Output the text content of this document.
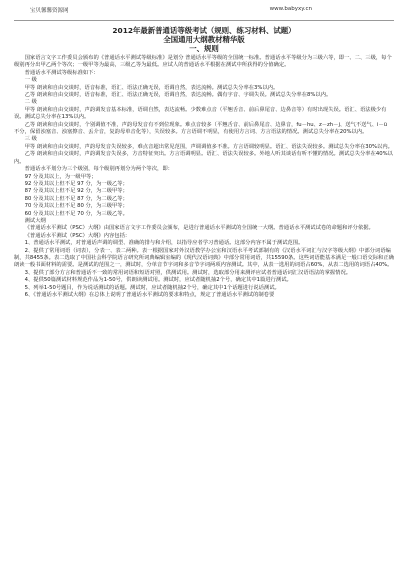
宝贝馨馨资源网	www.babyxy.cn
2012年最新普通话等级考试（规则、练习材料、试题）
全国通用大纲教材精华版
一、规则

国家语言文字工作委员会颁布的《普通话水平测试等级标准》是划分 普通话水平等级的全国统一标准。普通话水平等级分为三级六等，即一、二、三级，每个级别再分出甲乙两个等次；一级甲等为最高，三级乙等为最低。应试人的普通话水平根据在测试中所获得的分值确定。

普通话水平测试等级标准如下：

一 级

甲等 朗读和自由交谈时，语音标准，语汇、语法正确无误，语调自然，表达流畅。测试总失分率在3%以内。

乙等 朗读和自由交谈时，语音标准，语汇、语法正确无误，语调自然，表达流畅。偶有字音、字调失误。测试总失分率在8%以内。

二 级

甲等 朗读和自由交谈时，声韵调发音基本标准，语调自然，表达流畅。少数难点音（平翘舌音、前后鼻尾音、边鼻音等）有时出现失误。语汇、语法极少有误。测试总失分率在13%以内。

乙等 朗读和自由交谈时，个别调值不准，声韵母发音有不到位现象。难点音较多（平翘舌音、前后鼻尾音、边鼻音，fu－hu、z－zh－j、送气不送气、i－ü 不分，保留浊塞音、浊塞擦音、丢介音，复韵母单音化等），失误较多。方言语调不明显，有使用方言词、方言语法的情况。测试总失分率在20%以内。

三 级

甲等 朗读和自由交谈时，声韵母发音失误较多，难点音超出常见范围，声调调值多不准。方言语调较明显。语汇、语法失误较多。测试总失分率在30%以内。

乙等 朗读和自由交谈时，声韵调发音失误多，方音特征突出。方言语调明显。语汇、语法失误较多。外地人听其谈话有听不懂的情况。测试总失分率在40%以内。

普通话水平划分为三个级别，每个级别再划分为两个等次，即：

97 分及其以上，为一级甲等；

92 分及其以上但不足 97 分，为一级乙等；

87 分及其以上但不足 92 分，为二级甲等；

80 分及其以上但不足 87 分，为二级乙等；

70 分及其以上但不足 80 分，为三级甲等；

60 分及其以上但不足 70 分，为三级乙等。

测试大纲

《普通话水平测试（PSC）大纲》由国家语言文字工作委员会颁布，是进行普通话水平测试的全国统一大纲。普通话水平测试试卷的命题和评分依据。

《普通话水平测试（PSC）大纲》内容包括：

1、普通话水平测试，对普通话声调的调型、准确的排与和介绍，以指导应者学习普通话。这部分内容不属于测试范围。

2、提供了常用词语（词表），分表一、表二两种。表一根据国家对外汉语教学办公室和汉语水平考试部制有的《汉语水平词汇与汉字等级大纲》中部分词语编制，共8455条。表二选取了中国社会科学院语言研究所词典编辑室编的《现代汉语词典》中部分常用词语，共15590条。这些词语能基本满足一般口语交际和正确朗读一般书面材料的需要。是测试的范围之一，测试时，分单音节字词和多音节字词两项内容测试。其中，从表一选用的词语占60%，从表二选用的词语占40%。

3、提供了部分方言和普通话不一致的常用词语和短语对照，供测试用。测试时，选取部分用来测评应试者普通话词汇汉语语法的掌握情况。

4、提供50篇测试材料规范作品为1-50号，供朗读测试用。测试时，应试者随机抽2个号，确定其中1篇进行测试。

5、列举1-50号题目，作为说话测试的话题。测试时，应试者随机抽2个号，确定其中1个话题进行说话测试。

6、《普通话水平测试大纲》在总体上说明了普通话水平测试的要求和特点，规定了普通话水平测试的制卷要
